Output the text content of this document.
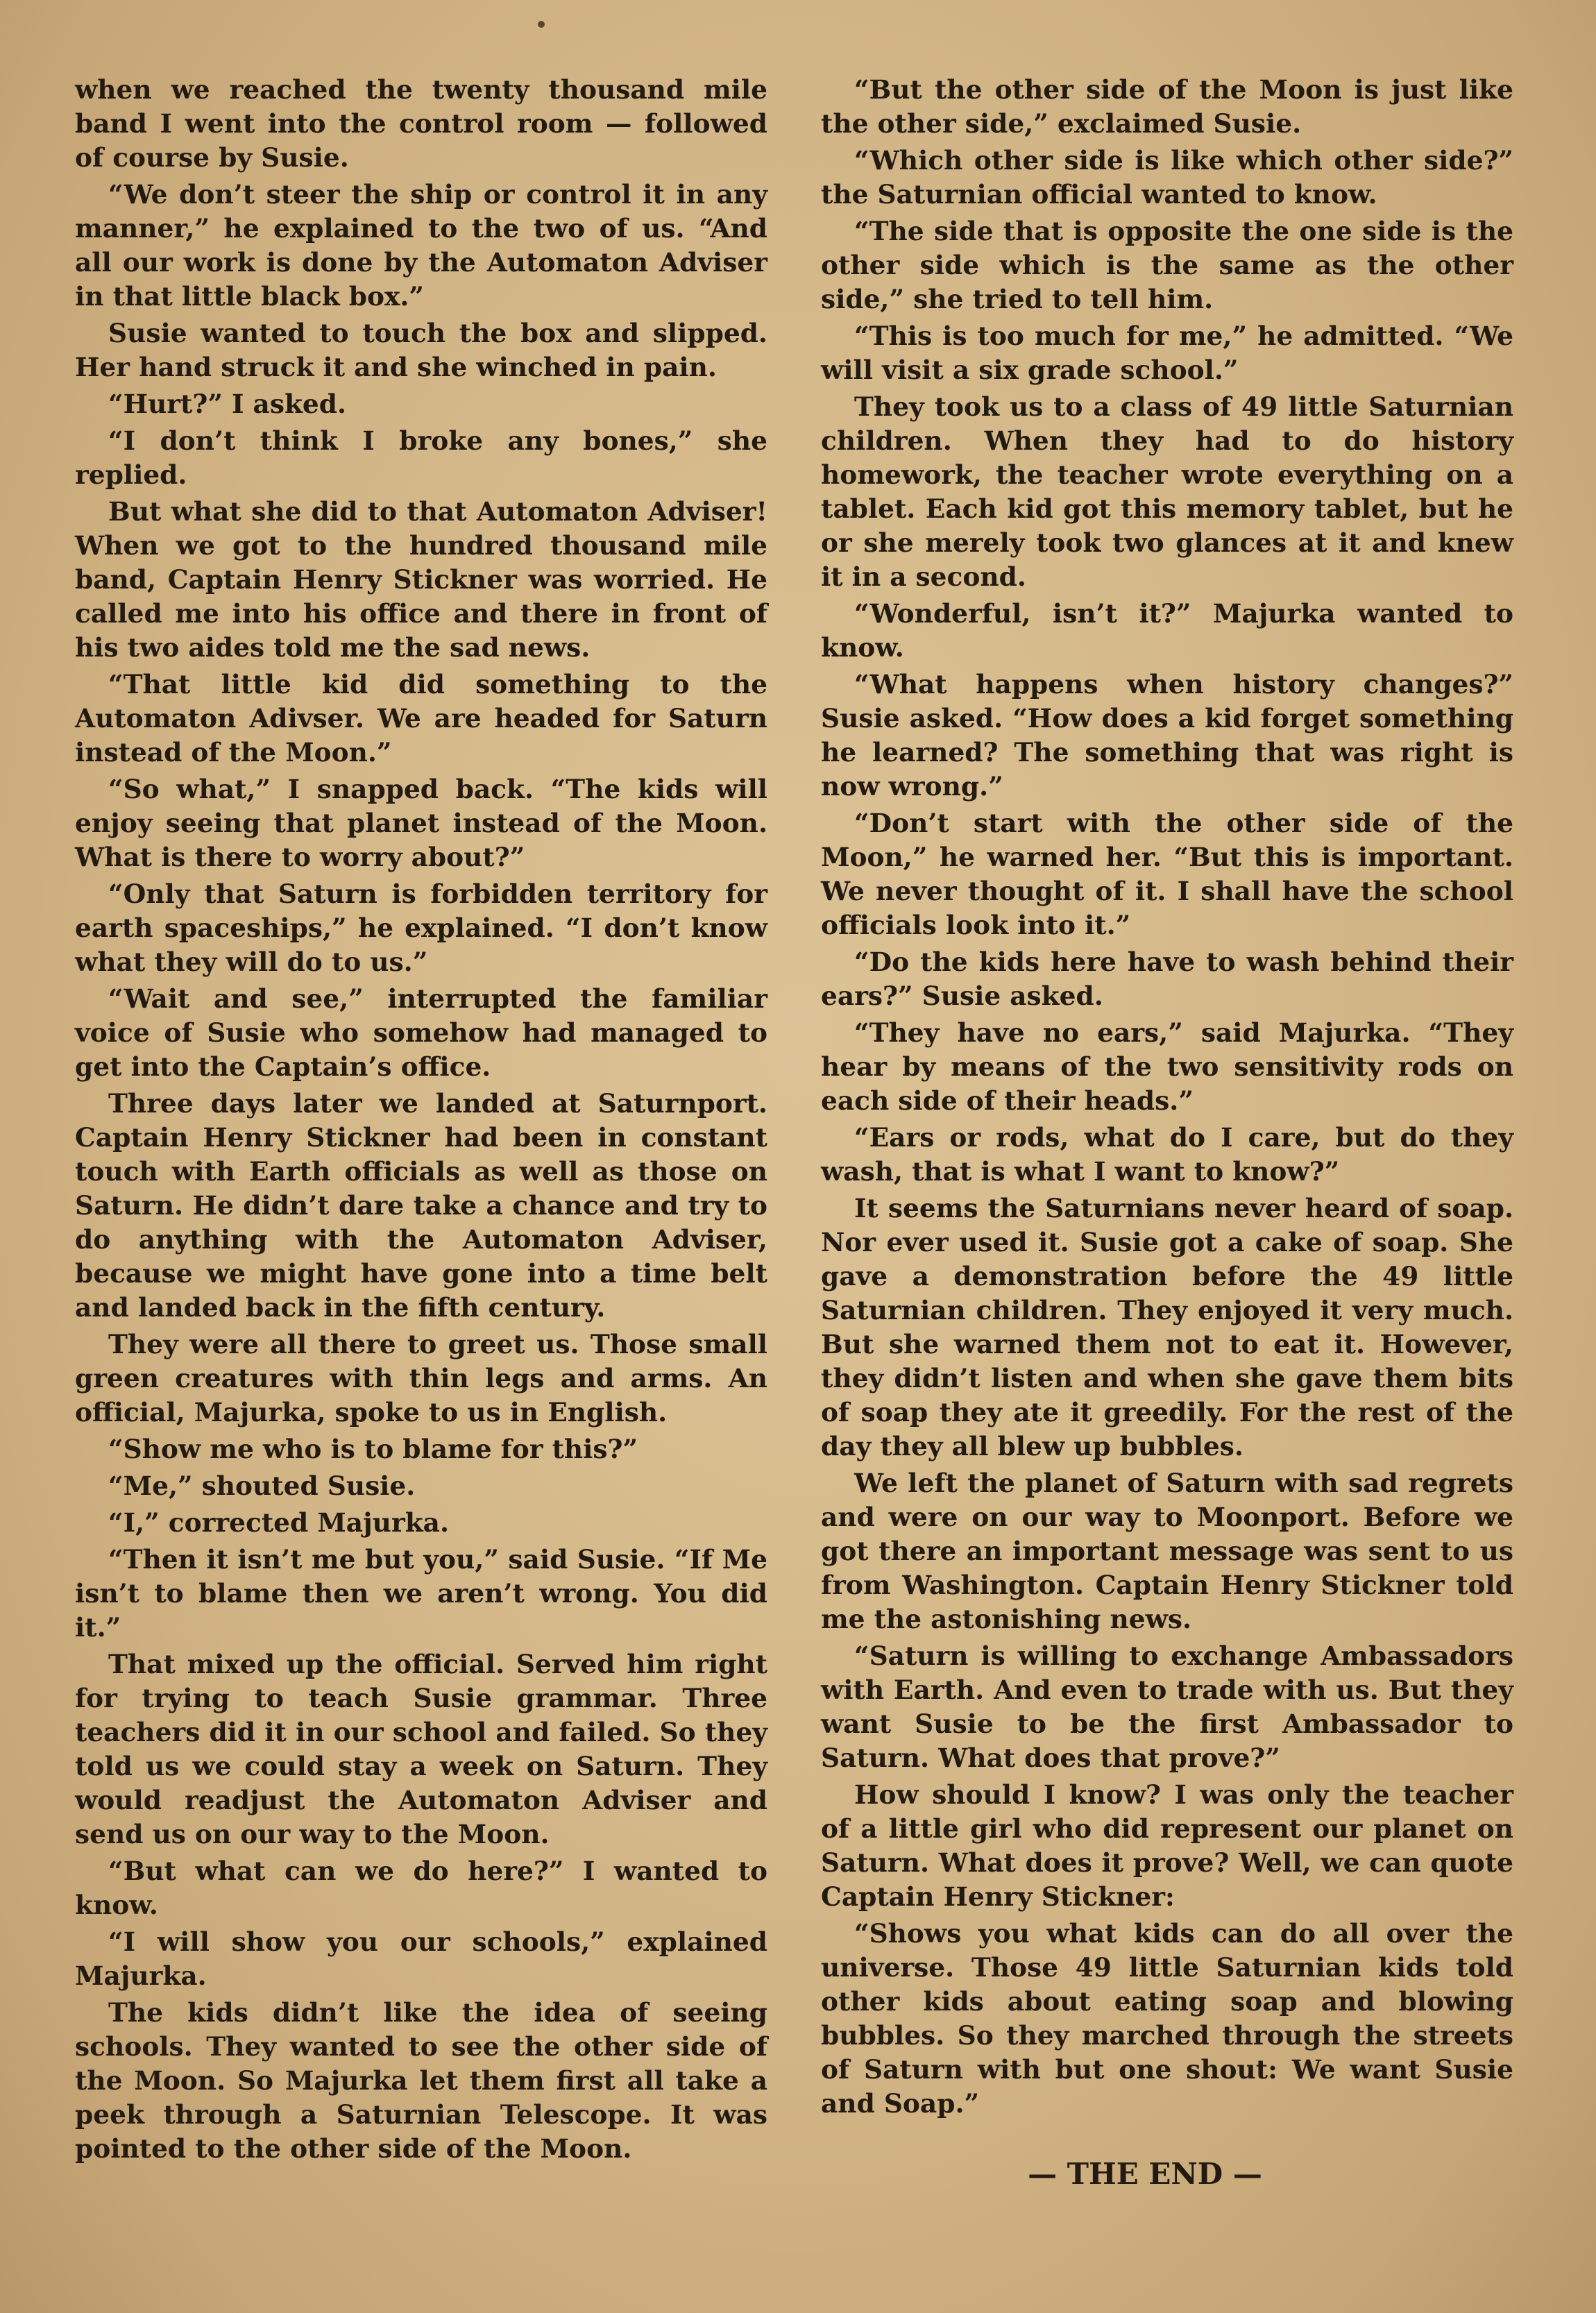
when we reached the twenty thousand mile band I went into the control room — followed of course by Susie.

“We don’t steer the ship or control it in any manner,” he explained to the two of us. “And all our work is done by the Automaton Adviser in that little black box.”

Susie wanted to touch the box and slipped. Her hand struck it and she winched in pain.

“Hurt?” I asked.

“I don’t think I broke any bones,” she replied.

But what she did to that Automaton Adviser! When we got to the hundred thousand mile band, Captain Henry Stickner was worried. He called me into his office and there in front of his two aides told me the sad news.

“That little kid did something to the Automaton Adivser. We are headed for Saturn instead of the Moon.”

“So what,” I snapped back. “The kids will enjoy seeing that planet instead of the Moon. What is there to worry about?”

“Only that Saturn is forbidden territory for earth spaceships,” he explained. “I don’t know what they will do to us.”

“Wait and see,” interrupted the familiar voice of Susie who somehow had managed to get into the Captain’s office.

Three days later we landed at Saturnport. Captain Henry Stickner had been in constant touch with Earth officials as well as those on Saturn. He didn’t dare take a chance and try to do anything with the Automaton Adviser, because we might have gone into a time belt and landed back in the fifth century.

They were all there to greet us. Those small green creatures with thin legs and arms. An official, Majurka, spoke to us in English.

“Show me who is to blame for this?”

“Me,” shouted Susie.

“I,” corrected Majurka.

“Then it isn’t me but you,” said Susie. “If Me isn’t to blame then we aren’t wrong. You did it.”

That mixed up the official. Served him right for trying to teach Susie grammar. Three teachers did it in our school and failed. So they told us we could stay a week on Saturn. They would readjust the Automaton Adviser and send us on our way to the Moon.

“But what can we do here?” I wanted to know.

“I will show you our schools,” explained Majurka.

The kids didn’t like the idea of seeing schools. They wanted to see the other side of the Moon. So Majurka let them first all take a peek through a Saturnian Telescope. It was pointed to the other side of the Moon.

“But the other side of the Moon is just like the other side,” exclaimed Susie.

“Which other side is like which other side?” the Saturnian official wanted to know.

“The side that is opposite the one side is the other side which is the same as the other side,” she tried to tell him.

“This is too much for me,” he admitted. “We will visit a six grade school.”

They took us to a class of 49 little Saturnian children. When they had to do history homework, the teacher wrote everything on a tablet. Each kid got this memory tablet, but he or she merely took two glances at it and knew it in a second.

“Wonderful, isn’t it?” Majurka wanted to know.

“What happens when history changes?” Susie asked. “How does a kid forget something he learned? The something that was right is now wrong.”

“Don’t start with the other side of the Moon,” he warned her. “But this is important. We never thought of it. I shall have the school officials look into it.”

“Do the kids here have to wash behind their ears?” Susie asked.

“They have no ears,” said Majurka. “They hear by means of the two sensitivity rods on each side of their heads.”

“Ears or rods, what do I care, but do they wash, that is what I want to know?”

It seems the Saturnians never heard of soap. Nor ever used it. Susie got a cake of soap. She gave a demonstration before the 49 little Saturnian children. They enjoyed it very much. But she warned them not to eat it. However, they didn’t listen and when she gave them bits of soap they ate it greedily. For the rest of the day they all blew up bubbles.

We left the planet of Saturn with sad regrets and were on our way to Moonport. Before we got there an important message was sent to us from Washington. Captain Henry Stickner told me the astonishing news.

“Saturn is willing to exchange Ambassadors with Earth. And even to trade with us. But they want Susie to be the first Ambassador to Saturn. What does that prove?”

How should I know? I was only the teacher of a little girl who did represent our planet on Saturn. What does it prove? Well, we can quote Captain Henry Stickner:

“Shows you what kids can do all over the universe. Those 49 little Saturnian kids told other kids about eating soap and blowing bubbles. So they marched through the streets of Saturn with but one shout: We want Susie and Soap.”

— THE END —
